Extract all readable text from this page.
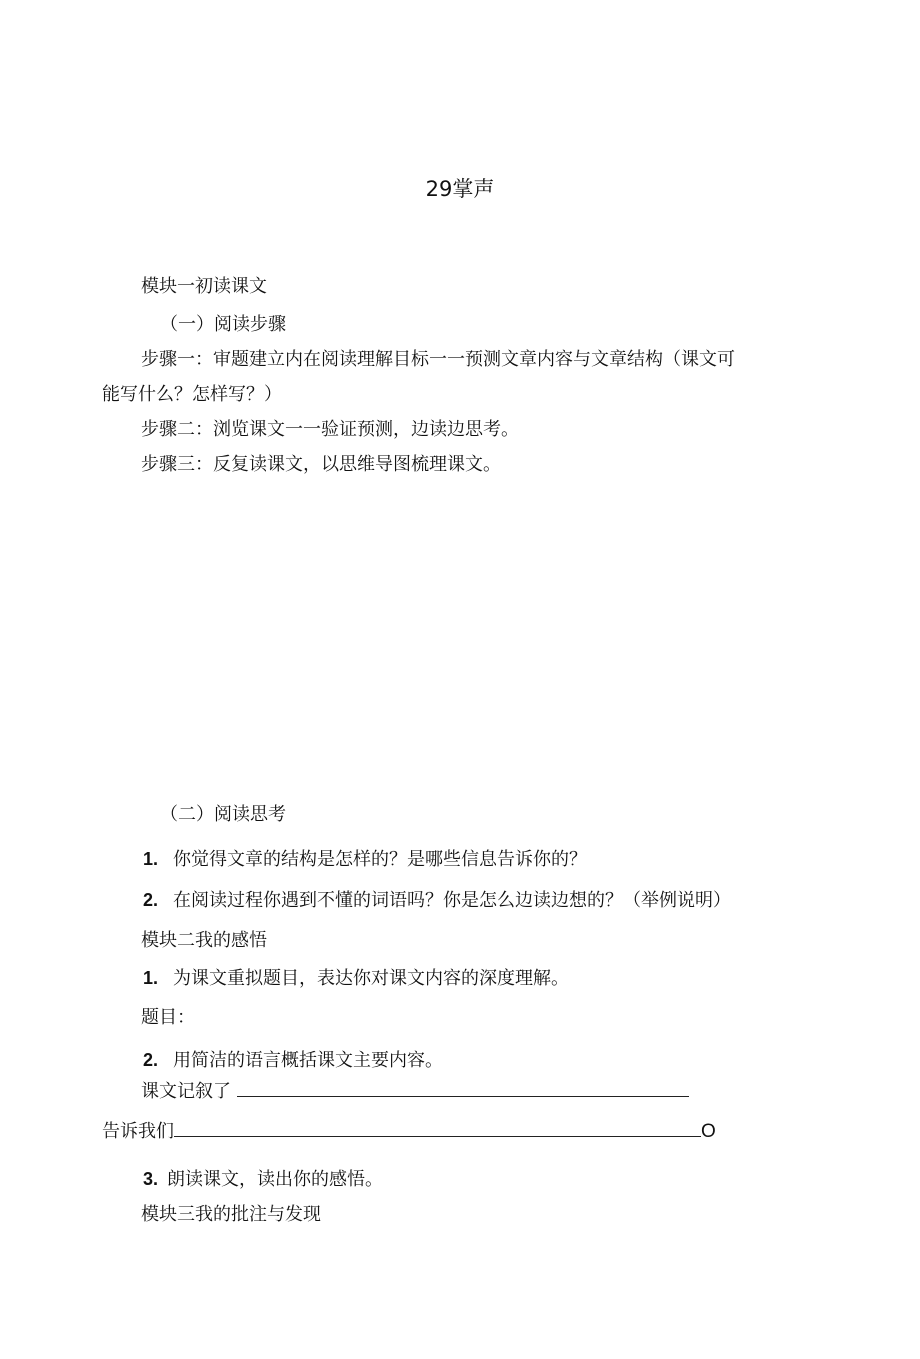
29掌声
模块一初读课文
（一）阅读步骤
步骤一：审题建立内在阅读理解目标一一预测文章内容与文章结构（课文可
能写什么？怎样写？）
步骤二：浏览课文一一验证预测，边读边思考。
步骤三：反复读课文，以思维导图梳理课文。
（二）阅读思考
1. 你觉得文章的结构是怎样的？是哪些信息告诉你的？
2. 在阅读过程你遇到不懂的词语吗？你是怎么边读边想的？（举例说明）
模块二我的感悟
1. 为课文重拟题目，表达你对课文内容的深度理解。
题目：
2. 用简洁的语言概括课文主要内容。
课文记叙了
告诉我们	O
3. 朗读课文，读出你的感悟。
模块三我的批注与发现
